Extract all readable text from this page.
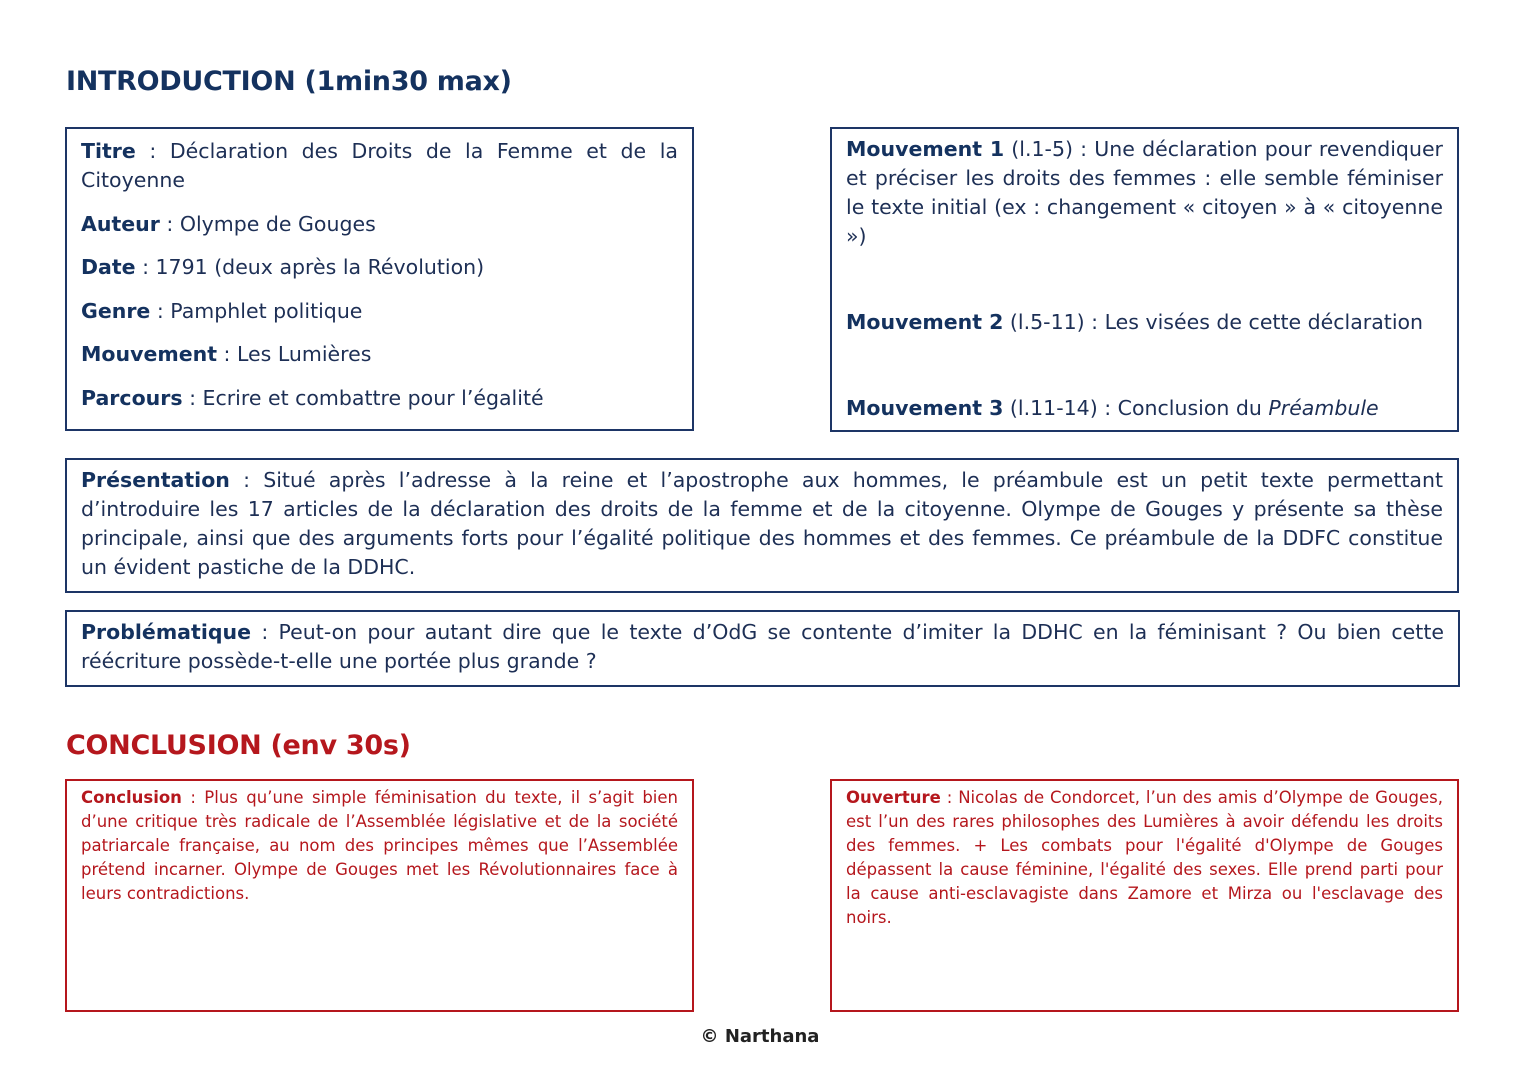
INTRODUCTION (1min30 max)

Titre : Déclaration des Droits de la Femme et de la Citoyenne

Auteur : Olympe de Gouges

Date : 1791 (deux après la Révolution)

Genre : Pamphlet politique

Mouvement : Les Lumières

Parcours : Ecrire et combattre pour l’égalité

Mouvement 1 (l.1-5) : Une déclaration pour revendiquer et préciser les droits des femmes : elle semble féminiser le texte initial (ex : changement « citoyen » à « citoyenne »)

Mouvement 2 (l.5-11) : Les visées de cette déclaration

Mouvement 3 (l.11-14) : Conclusion du Préambule

Présentation : Situé après l’adresse à la reine et l’apostrophe aux hommes, le préambule est un petit texte permettant d’introduire les 17 articles de la déclaration des droits de la femme et de la citoyenne. Olympe de Gouges y présente sa thèse principale, ainsi que des arguments forts pour l’égalité politique des hommes et des femmes. Ce préambule de la DDFC constitue un évident pastiche de la DDHC.

Problématique : Peut-on pour autant dire que le texte d’OdG se contente d’imiter la DDHC en la féminisant ? Ou bien cette réécriture possède-t-elle une portée plus grande ?

CONCLUSION (env 30s)

Conclusion : Plus qu’une simple féminisation du texte, il s’agit bien d’une critique très radicale de l’Assemblée législative et de la société patriarcale française, au nom des principes mêmes que l’Assemblée prétend incarner. Olympe de Gouges met les Révolutionnaires face à leurs contradictions.

Ouverture : Nicolas de Condorcet, l’un des amis d’Olympe de Gouges, est l’un des rares philosophes des Lumières à avoir défendu les droits des femmes. + Les combats pour l'égalité d'Olympe de Gouges dépassent la cause féminine, l'égalité des sexes. Elle prend parti pour la cause anti-esclavagiste dans Zamore et Mirza ou l'esclavage des noirs.

© Narthana
